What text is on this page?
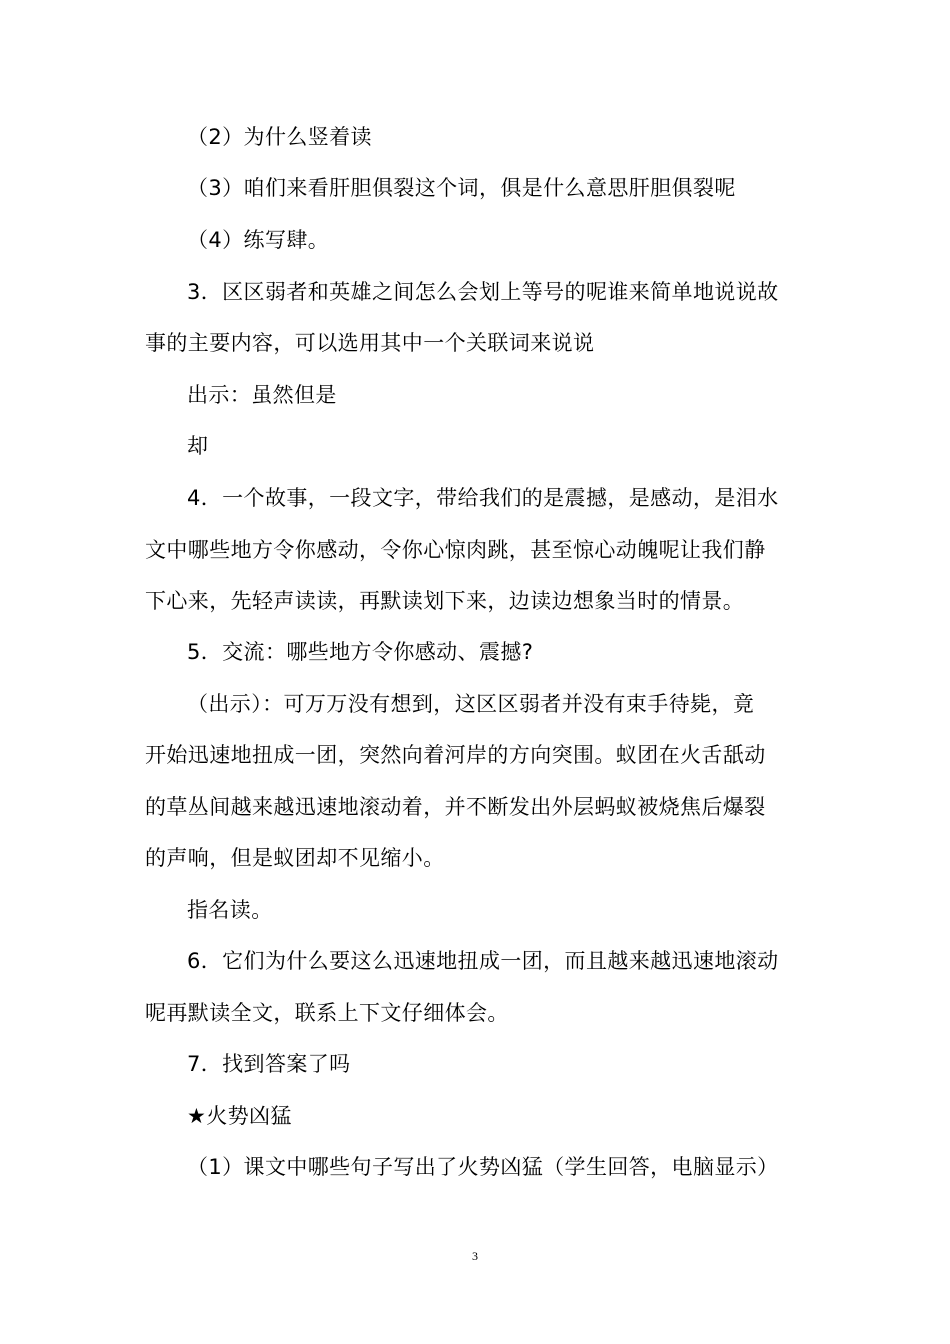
（2）为什么竖着读
（3）咱们来看肝胆俱裂这个词，俱是什么意思肝胆俱裂呢
（4）练写肆。
3．区区弱者和英雄之间怎么会划上等号的呢谁来简单地说说故
事的主要内容，可以选用其中一个关联词来说说
出示：虽然但是
却
4．一个故事，一段文字，带给我们的是震撼，是感动，是泪水
文中哪些地方令你感动，令你心惊肉跳，甚至惊心动魄呢让我们静
下心来，先轻声读读，再默读划下来，边读边想象当时的情景。
5．交流：哪些地方令你感动、震撼?
（出示）：可万万没有想到，这区区弱者并没有束手待毙，竟
开始迅速地扭成一团，突然向着河岸的方向突围。蚁团在火舌舐动
的草丛间越来越迅速地滚动着，并不断发出外层蚂蚁被烧焦后爆裂
的声响，但是蚁团却不见缩小。
指名读。
6．它们为什么要这么迅速地扭成一团，而且越来越迅速地滚动
呢再默读全文，联系上下文仔细体会。
7．找到答案了吗
★火势凶猛
（1）课文中哪些句子写出了火势凶猛（学生回答，电脑显示）
3
